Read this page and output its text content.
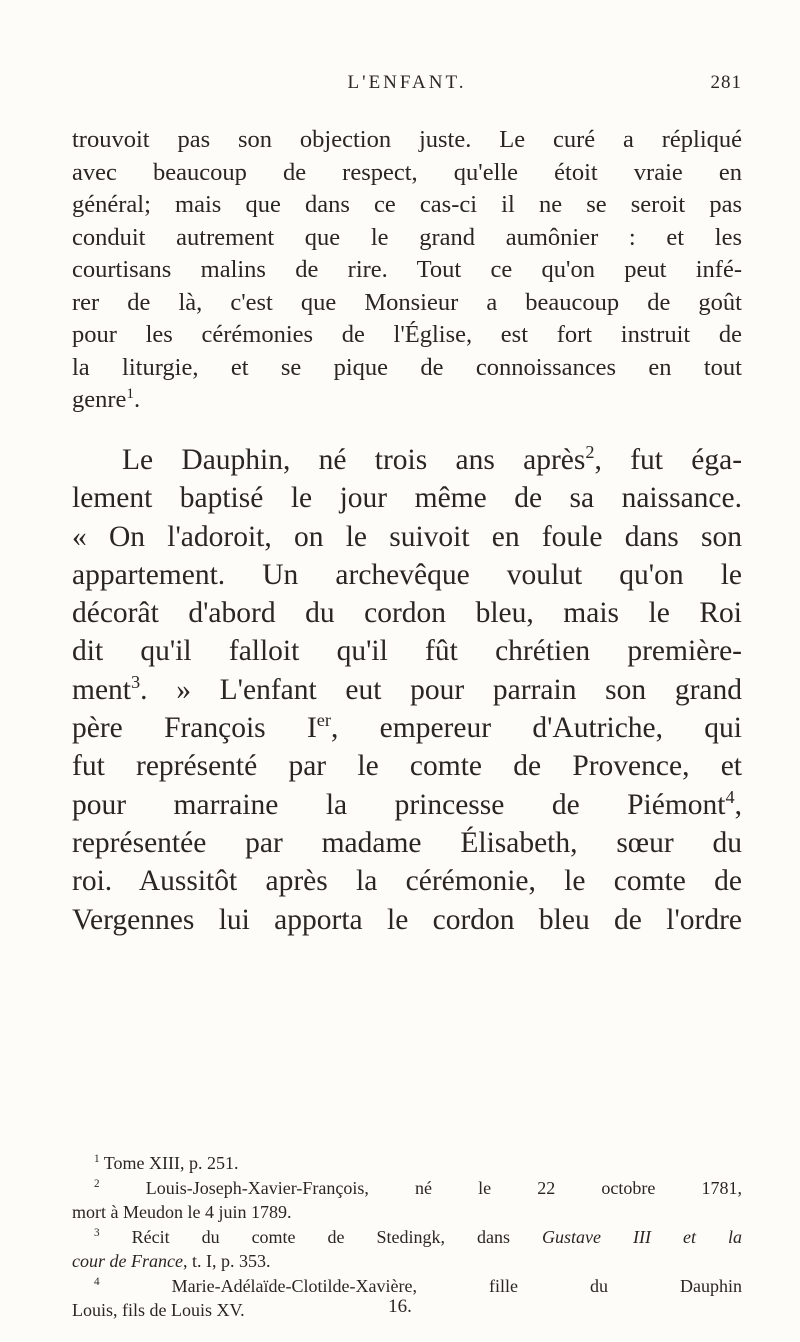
L'ENFANT.	281
trouvoit pas son objection juste. Le curé a répliqué
avec beaucoup de respect, qu'elle étoit vraie en
général; mais que dans ce cas-ci il ne se seroit pas
conduit autrement que le grand aumônier : et les
courtisans malins de rire. Tout ce qu'on peut infé-
rer de là, c'est que Monsieur a beaucoup de goût
pour les cérémonies de l'Église, est fort instruit de
la liturgie, et se pique de connoissances en tout
genre$^1$.
Le Dauphin, né trois ans après$^2$, fut éga-
lement baptisé le jour même de sa naissance.
« On l'adoroit, on le suivoit en foule dans son
appartement. Un archevêque voulut qu'on le
décorât d'abord du cordon bleu, mais le Roi
dit qu'il falloit qu'il fût chrétien première-
ment$^3$. » L'enfant eut pour parrain son grand
père François Ier, empereur d'Autriche, qui
fut représenté par le comte de Provence, et
pour marraine la princesse de Piémont$^4$,
représentée par madame Élisabeth, sœur du
roi. Aussitôt après la cérémonie, le comte de
Vergennes lui apporta le cordon bleu de l'ordre
$^1$ Tome XIII, p. 251.
$^2$	Louis-Joseph-Xavier-François, né le 22 octobre 1781,
mort à Meudon le 4 juin 1789.
$^3$ Récit du comte de Stedingk, dans Gustave III et la
cour de France, t. I, p. 353.
$^4$	Marie-Adélaïde-Clotilde-Xavière, fille du Dauphin
Louis, fils de Louis XV.	16.
